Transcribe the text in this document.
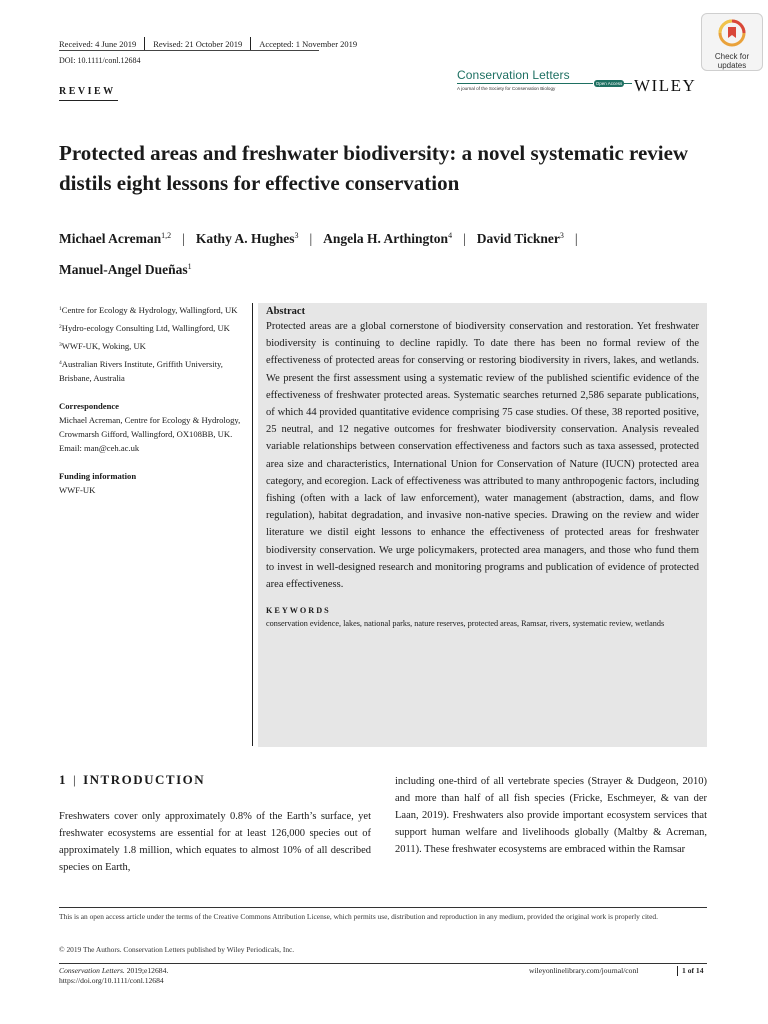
Received: 4 June 2019 Revised: 21 October 2019 Accepted: 1 November 2019
DOI: 10.1111/conl.12684	Check for
updates
Conservation Letters
A journal of the Society for Conservation Biology
Open Access WILEY
REVIEW
Protected areas and freshwater biodiversity: a novel systematic review distils eight lessons for effective conservation
Michael Acreman$^{1,2}$ | Kathy A. Hughes$^3$ | Angela H. Arthington$^4$ | David Tickner$^3$ |
Manuel-Angel Dueñas$^1$
$^1$Centre for Ecology & Hydrology, Wallingford, UK
$^2$Hydro-ecology Consulting Ltd, Wallingford, UK
$^3$WWF-UK, Woking, UK
$^4$Australian Rivers Institute, Griffith University, Brisbane, Australia
Correspondence
Michael Acreman, Centre for Ecology & Hydrology, Crowmarsh Gifford, Wallingford, OX108BB, UK.
Email: man@ceh.ac.uk
Funding information
WWF-UK
Abstract
Protected areas are a global cornerstone of biodiversity conservation and restoration. Yet freshwater biodiversity is continuing to decline rapidly. To date there has been no formal review of the effectiveness of protected areas for conserving or restoring biodiversity in rivers, lakes, and wetlands. We present the first assessment using a systematic review of the published scientific evidence of the effectiveness of freshwater protected areas. Systematic searches returned 2,586 separate publications, of which 44 provided quantitative evidence comprising 75 case studies. Of these, 38 reported positive, 25 neutral, and 12 negative outcomes for freshwater biodiversity conservation. Analysis revealed variable relationships between conservation effectiveness and factors such as taxa assessed, protected area size and characteristics, International Union for Conservation of Nature (IUCN) protected area category, and ecoregion. Lack of effectiveness was attributed to many anthropogenic factors, including fishing (often with a lack of law enforcement), water management (abstraction, dams, and flow regulation), habitat degradation, and invasive non-native species. Drawing on the review and wider literature we distil eight lessons to enhance the effectiveness of protected areas for freshwater biodiversity conservation. We urge policymakers, protected area managers, and those who fund them to invest in well-designed research and monitoring programs and publication of evidence of protected area effectiveness.
KEYWORDS
conservation evidence, lakes, national parks, nature reserves, protected areas, Ramsar, rivers, systematic review, wetlands
1 | INTRODUCTION
Freshwaters cover only approximately 0.8% of the Earth’s surface, yet freshwater ecosystems are essential for at least 126,000 species out of approximately 1.8 million, which equates to almost 10% of all described species on Earth,
including one-third of all vertebrate species (Strayer & Dudgeon, 2010) and more than half of all fish species (Fricke, Eschmeyer, & van der Laan, 2019). Freshwaters also provide important ecosystem services that support human welfare and livelihoods globally (Maltby & Acreman, 2011). These freshwater ecosystems are embraced within the Ramsar
This is an open access article under the terms of the Creative Commons Attribution License, which permits use, distribution and reproduction in any medium, provided the original work is properly cited.
© 2019 The Authors. Conservation Letters published by Wiley Periodicals, Inc.
Conservation Letters. 2019;e12684.
https://doi.org/10.1111/conl.12684
wileyonlinelibrary.com/journal/conl	1 of 14
